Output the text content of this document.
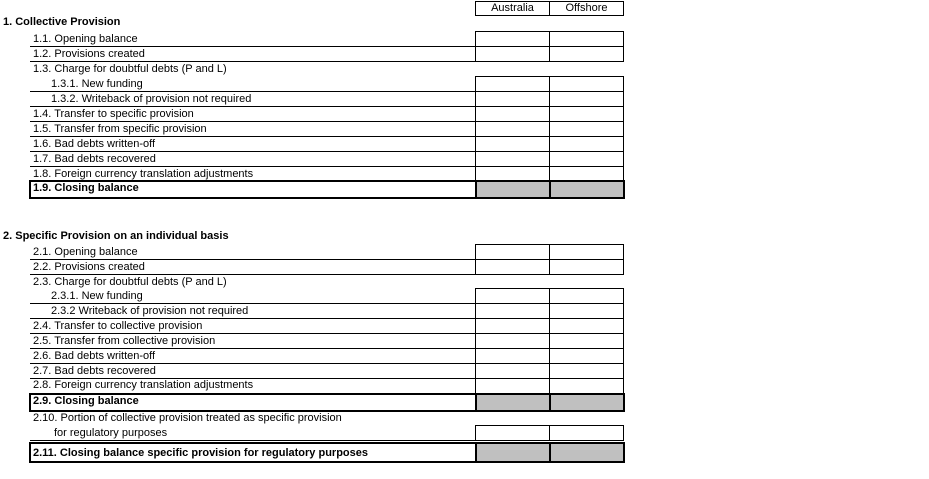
Australia	Offshore
1. Collective Provision
1.1. Opening balance
1.2. Provisions created
1.3. Charge for doubtful debts (P and L)
1.3.1. New funding
1.3.2. Writeback of provision not required
1.4. Transfer to specific provision
1.5. Transfer from specific provision
1.6. Bad debts written-off
1.7. Bad debts recovered
1.8. Foreign currency translation adjustments
1.9. Closing balance
2. Specific Provision on an individual basis
2.1. Opening balance
2.2. Provisions created
2.3. Charge for doubtful debts (P and L)
2.3.1. New funding
2.3.2 Writeback of provision not required
2.4. Transfer to collective provision
2.5. Transfer from collective provision
2.6. Bad debts written-off
2.7. Bad debts recovered
2.8. Foreign currency translation adjustments
2.9. Closing balance
2.10. Portion of collective provision treated as specific provision
for regulatory purposes
2.11. Closing balance specific provision for regulatory purposes
